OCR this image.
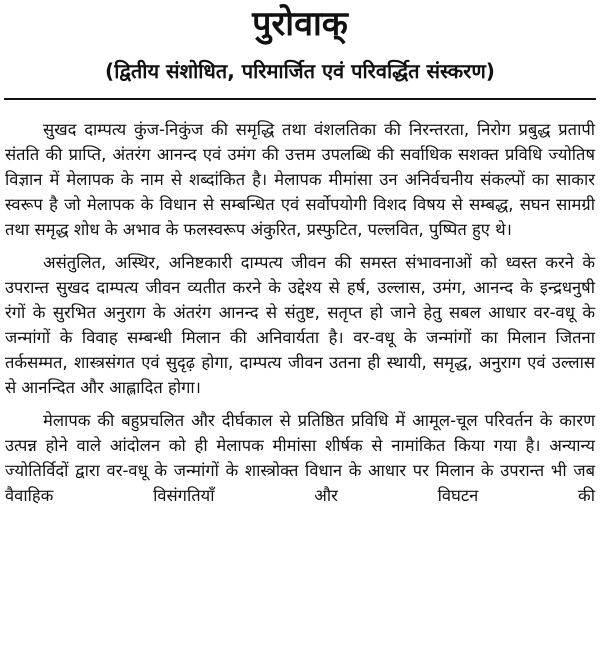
पुरोवाक्
(द्वितीय संशोधित, परिमार्जित एवं परिवर्द्धित संस्करण)

सुखद दाम्पत्य कुंज-निकुंज की समृद्धि तथा वंशलतिका की निरन्तरता, निरोग प्रबुद्ध प्रतापी संतति की प्राप्ति, अंतरंग आनन्द एवं उमंग की उत्तम उपलब्धि की सर्वाधिक सशक्त प्रविधि ज्योतिष विज्ञान में मेलापक के नाम से शब्दांकित है। मेलापक मीमांसा उन अनिर्वचनीय संकल्पों का साकार स्वरूप है जो मेलापक के विधान से सम्बन्धित एवं सर्वोपयोगी विशद विषय से सम्बद्ध, सघन सामग्री तथा समृद्ध शोध के अभाव के फलस्वरूप अंकुरित, प्रस्फुटित, पल्लवित, पुष्पित हुए थे।

असंतुलित, अस्थिर, अनिष्टकारी दाम्पत्य जीवन की समस्त संभावनाओं को ध्वस्त करने के उपरान्त सुखद दाम्पत्य जीवन व्यतीत करने के उद्देश्य से हर्ष, उल्लास, उमंग, आनन्द के इन्द्रधनुषी रंगों के सुरभित अनुराग के अंतरंग आनन्द से संतुष्ट, सतृप्त हो जाने हेतु सबल आधार वर-वधू के जन्मांगों के विवाह सम्बन्धी मिलान की अनिवार्यता है। वर-वधू के जन्मांगों का मिलान जितना तर्कसम्मत, शास्त्रसंगत एवं सुदृढ़ होगा, दाम्पत्य जीवन उतना ही स्थायी, समृद्ध, अनुराग एवं उल्लास से आनन्दित और आह्लादित होगा।

मेलापक की बहुप्रचलित और दीर्घकाल से प्रतिष्ठित प्रविधि में आमूल-चूल परिवर्तन के कारण उत्पन्न होने वाले आंदोलन को ही मेलापक मीमांसा शीर्षक से नामांकित किया गया है। अन्यान्य ज्योतिर्विदों द्वारा वर-वधू के जन्मांगों के शास्त्रोक्त विधान के आधार पर मिलान के उपरान्त भी जब वैवाहिक विसंगतियाँ और विघटन की
